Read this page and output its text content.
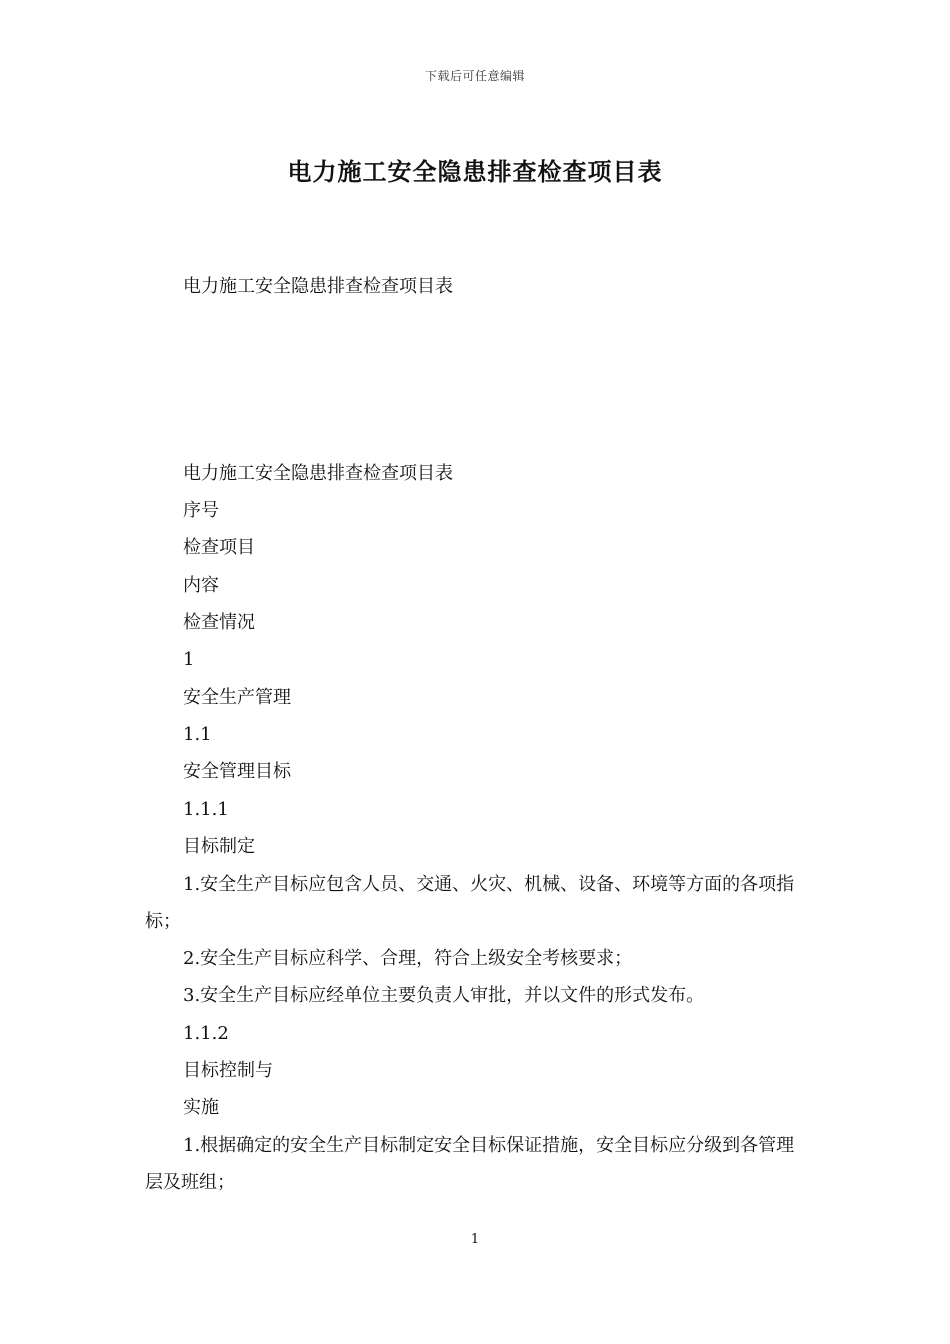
下载后可任意编辑
电力施工安全隐患排查检查项目表
电力施工安全隐患排查检查项目表
电力施工安全隐患排查检查项目表
序号
检查项目
内容
检查情况
1
安全生产管理
1.1
安全管理目标
1.1.1
目标制定
1.安全生产目标应包含人员、交通、火灾、机械、设备、环境等方面的各项指标；
2.安全生产目标应科学、合理，符合上级安全考核要求；
3.安全生产目标应经单位主要负责人审批，并以文件的形式发布。
1.1.2
目标控制与
实施
1.根据确定的安全生产目标制定安全目标保证措施，安全目标应分级到各管理层及班组；
1
